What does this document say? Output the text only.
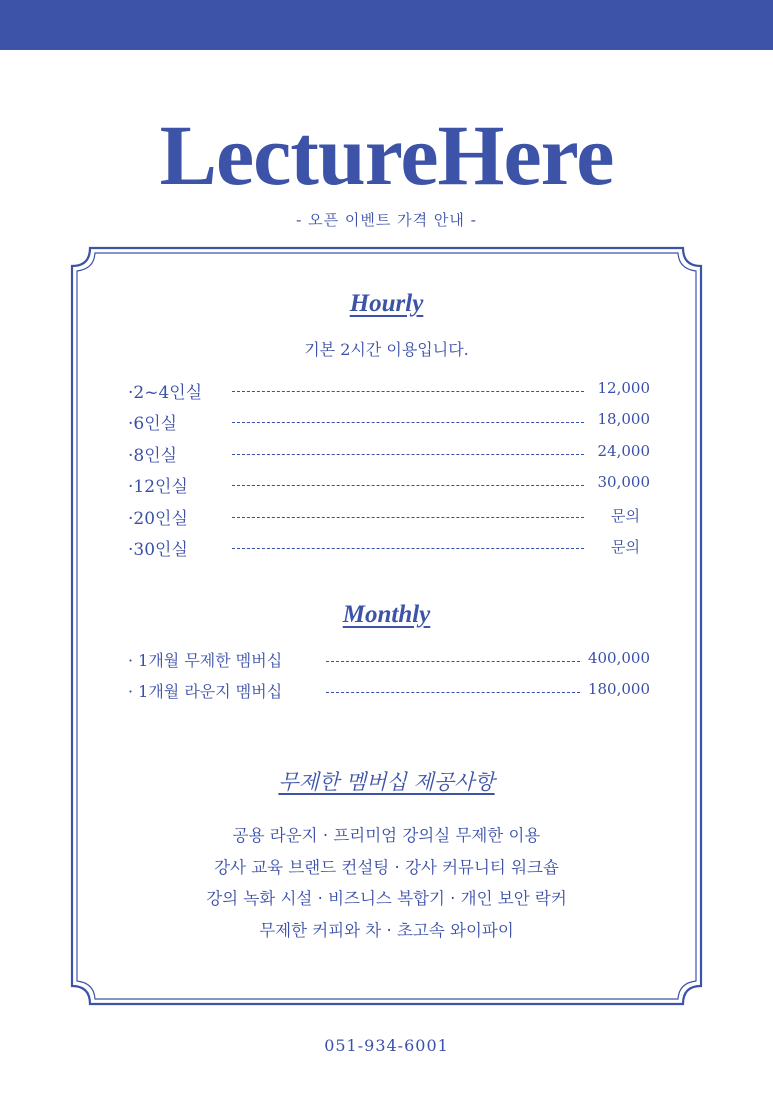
LectureHere
- 오픈 이벤트 가격 안내 -
Hourly
기본 2시간 이용입니다.
·2~4인실	12,000
·6인실	18,000
·8인실	24,000
·12인실	30,000
·20인실	문의
·30인실	문의
Monthly
· 1개월 무제한 멤버십	400,000
· 1개월 라운지 멤버십	180,000
무제한 멤버십 제공사항
공용 라운지 · 프리미엄 강의실 무제한 이용
강사 교육 브랜드 컨설팅 · 강사 커뮤니티 워크숍
강의 녹화 시설 · 비즈니스 복합기 · 개인 보안 락커
무제한 커피와 차 · 초고속 와이파이
051-934-6001
